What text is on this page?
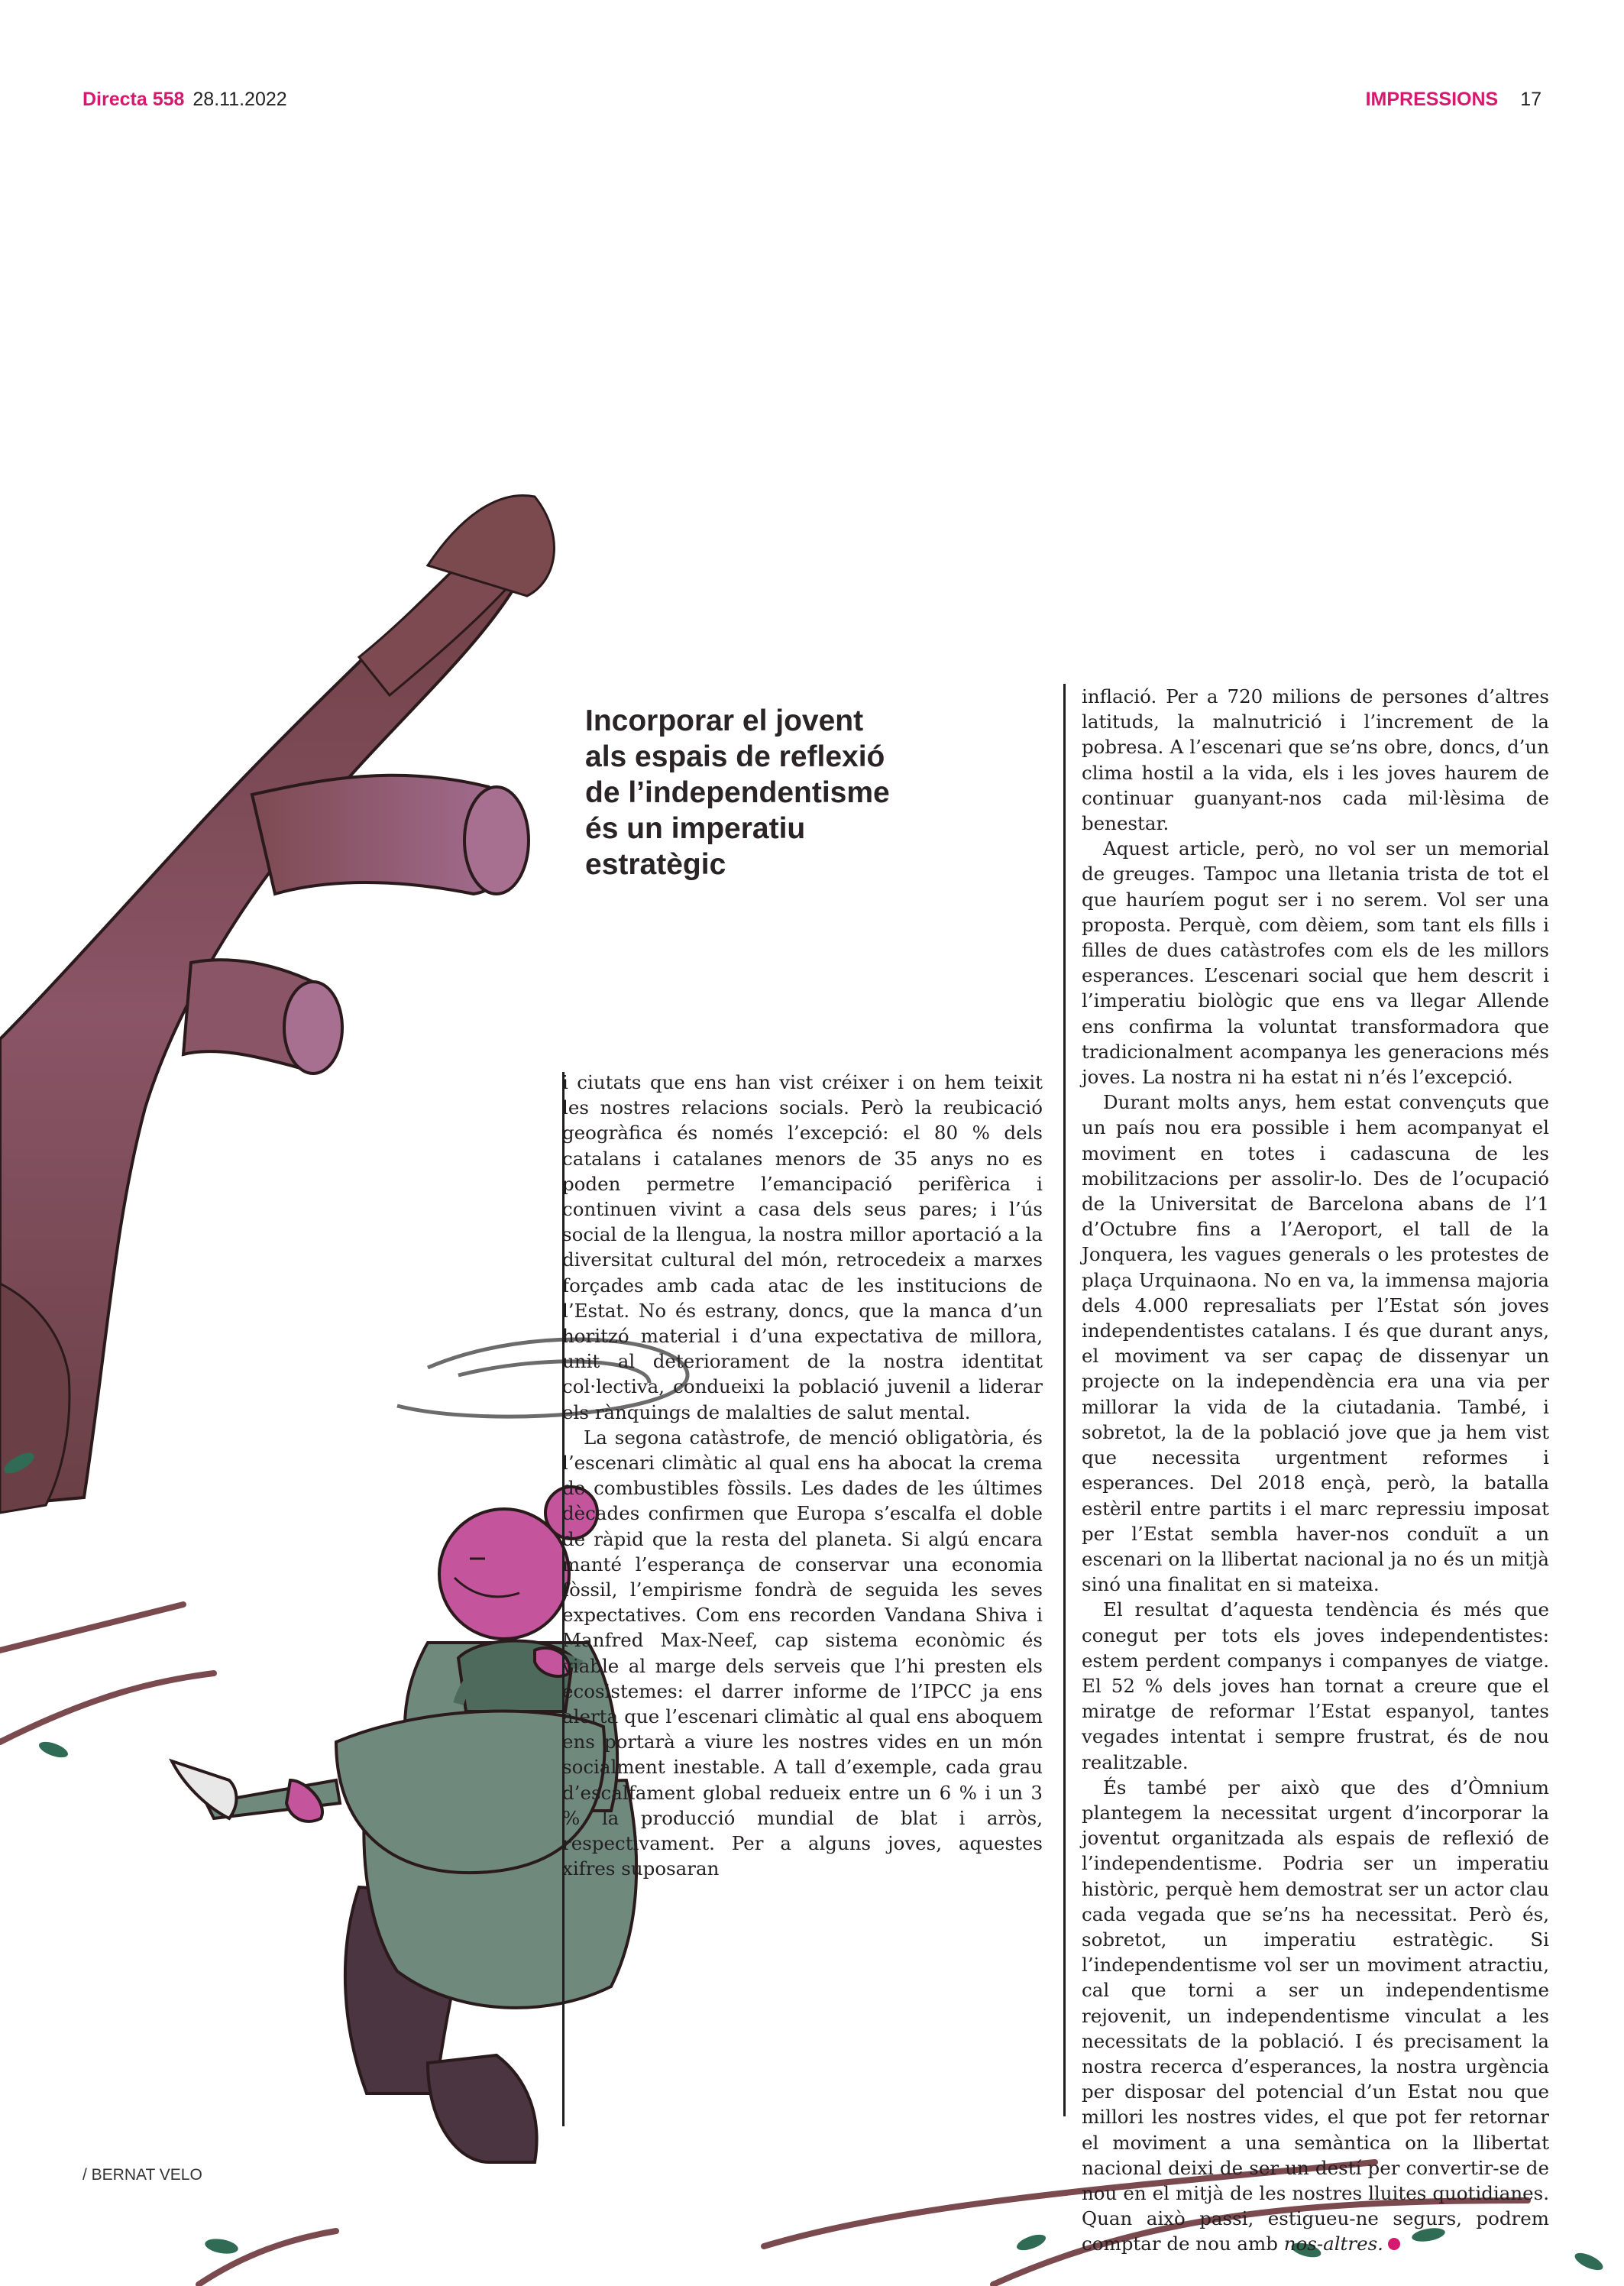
Directa 558 28.11.2022	IMPRESSIONS 17
Incorporar el jovent als espais de reflexió de l’independentisme és un imperatiu estratègic

i ciutats que ens han vist créixer i on hem teixit les nostres relacions socials. Però la reubicació geogràfica és només l’excepció: el 80 % dels catalans i catalanes menors de 35 anys no es poden permetre l’emancipació perifèrica i continuen vivint a casa dels seus pares; i l’ús social de la llengua, la nostra millor aportació a la diversitat cultural del món, retrocedeix a marxes forçades amb cada atac de les institucions de l’Estat. No és estrany, doncs, que la manca d’un horitzó material i d’una expectativa de millora, unit al deteriorament de la nostra identitat col·lectiva, condueixi la població juvenil a liderar els rànquings de malalties de salut mental.

La segona catàstrofe, de menció obligatòria, és l’escenari climàtic al qual ens ha abocat la crema de combustibles fòssils. Les dades de les últimes dècades confirmen que Europa s’escalfa el doble de ràpid que la resta del planeta. Si algú encara manté l’esperança de conservar una economia fòssil, l’empirisme fondrà de seguida les seves expectatives. Com ens recorden Vandana Shiva i Manfred Max-Neef, cap sistema econòmic és viable al marge dels serveis que l’hi presten els ecosistemes: el darrer informe de l’IPCC ja ens alerta que l’escenari climàtic al qual ens aboquem ens portarà a viure les nostres vides en un món socialment inestable. A tall d’exemple, cada grau d’escalfament global redueix entre un 6 % i un 3 % la producció mundial de blat i arròs, respectivament. Per a alguns joves, aquestes xifres suposaran

inflació. Per a 720 milions de persones d’altres latituds, la malnutrició i l’increment de la pobresa. A l’escenari que se’ns obre, doncs, d’un clima hostil a la vida, els i les joves haurem de continuar guanyant-nos cada mil·lèsima de benestar.

Aquest article, però, no vol ser un memorial de greuges. Tampoc una lletania trista de tot el que hauríem pogut ser i no serem. Vol ser una proposta. Perquè, com dèiem, som tant els fills i filles de dues catàstrofes com els de les millors esperances. L’escenari social que hem descrit i l’imperatiu biològic que ens va llegar Allende ens confirma la voluntat transformadora que tradicionalment acompanya les generacions més joves. La nostra ni ha estat ni n’és l’excepció.

Durant molts anys, hem estat convençuts que un país nou era possible i hem acompanyat el moviment en totes i cadascuna de les mobilitzacions per assolir-lo. Des de l’ocupació de la Universitat de Barcelona abans de l’1 d’Octubre fins a l’Aeroport, el tall de la Jonquera, les vagues generals o les protestes de plaça Urquinaona. No en va, la immensa majoria dels 4.000 represaliats per l’Estat són joves independentistes catalans. I és que durant anys, el moviment va ser capaç de dissenyar un projecte on la independència era una via per millorar la vida de la ciutadania. També, i sobretot, la de la població jove que ja hem vist que necessita urgentment reformes i esperances. Del 2018 ençà, però, la batalla estèril entre partits i el marc repressiu imposat per l’Estat sembla haver-nos conduït a un escenari on la llibertat nacional ja no és un mitjà sinó una finalitat en si mateixa.

El resultat d’aquesta tendència és més que conegut per tots els joves independentistes: estem perdent companys i companyes de viatge. El 52 % dels joves han tornat a creure que el miratge de reformar l’Estat espanyol, tantes vegades intentat i sempre frustrat, és de nou realitzable.

És també per això que des d’Òmnium plantegem la necessitat urgent d’incorporar la joventut organitzada als espais de reflexió de l’independentisme. Podria ser un imperatiu històric, perquè hem demostrat ser un actor clau cada vegada que se’ns ha necessitat. Però és, sobretot, un imperatiu estratègic. Si l’independentisme vol ser un moviment atractiu, cal que torni a ser un independentisme rejovenit, un independentisme vinculat a les necessitats de la població. I és precisament la nostra recerca d’esperances, la nostra urgència per disposar del potencial d’un Estat nou que millori les nostres vides, el que pot fer retornar el moviment a una semàntica on la llibertat nacional deixi de ser un destí per convertir-se de nou en el mitjà de les nostres lluites quotidianes. Quan això passi, estigueu-ne segurs, podrem comptar de nou amb nos-altres.

/ BERNAT VELO
